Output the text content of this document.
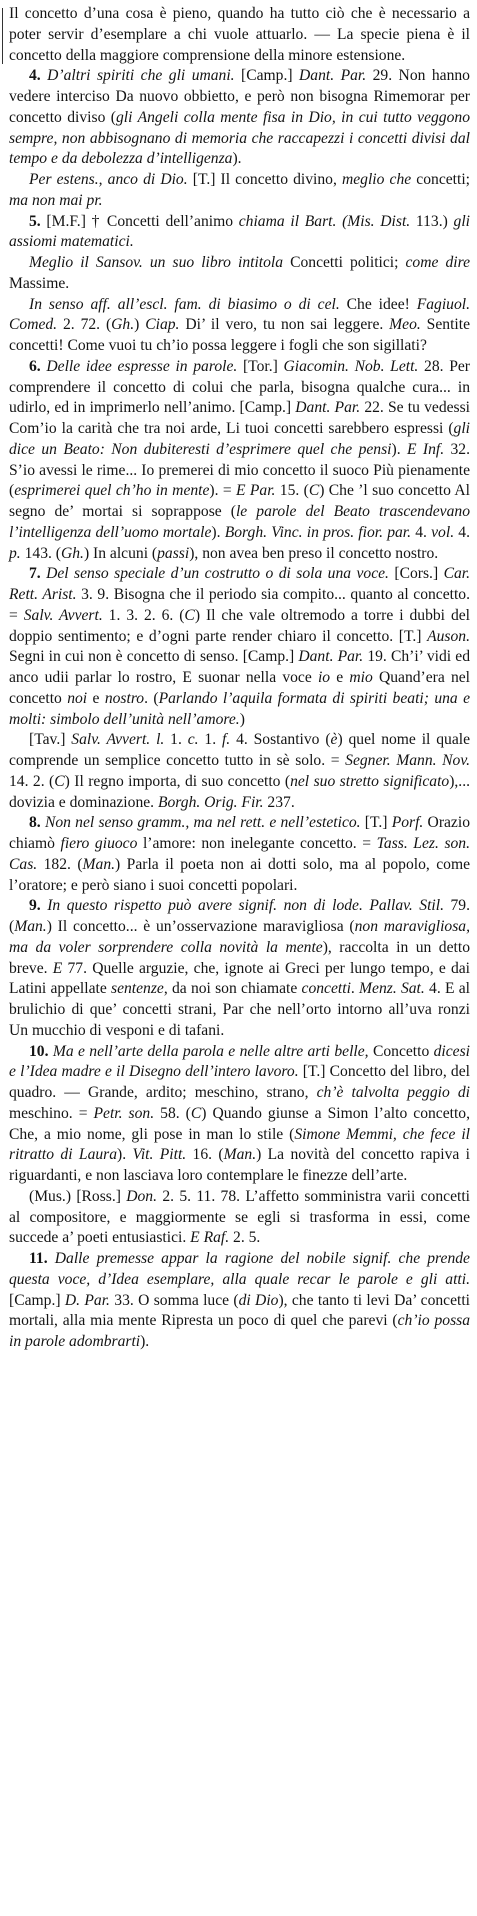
Il concetto d’una cosa è pieno, quando ha tutto ciò che è necessario a poter servir d’esemplare a chi vuole attuarlo. — La specie piena è il concetto della maggiore comprensione della minore estensione.

4. D’altri spiriti che gli umani. [Camp.] Dant. Par. 29. Non hanno vedere interciso Da nuovo obbietto, e però non bisogna Rimemorar per concetto diviso (gli Angeli colla mente fisa in Dio, in cui tutto veggono sempre, non abbisognano di memoria che raccapezzi i concetti divisi dal tempo e da debolezza d’intelligenza).

Per estens., anco di Dio. [T.] Il concetto divino, meglio che concetti; ma non mai pr.

5. [M.F.] † Concetti dell’animo chiama il Bart. (Mis. Dist. 113.) gli assiomi matematici.

Meglio il Sansov. un suo libro intitola Concetti politici; come dire Massime.

In senso aff. all’escl. fam. di biasimo o di cel. Che idee! Fagiuol. Comed. 2. 72. (Gh.) Ciap. Di’ il vero, tu non sai leggere. Meo. Sentite concetti! Come vuoi tu ch’io possa leggere i fogli che son sigillati?

6. Delle idee espresse in parole. [Tor.] Giacomin. Nob. Lett. 28. Per comprendere il concetto di colui che parla, bisogna qualche cura... in udirlo, ed in imprimerlo nell’animo. [Camp.] Dant. Par. 22. Se tu vedessi Com’io la carità che tra noi arde, Li tuoi concetti sarebbero espressi (gli dice un Beato: Non dubiteresti d’esprimere quel che pensi). E Inf. 32. S’io avessi le rime... Io premerei di mio concetto il suoco Più pienamente (esprimerei quel ch’ho in mente). = E Par. 15. (C) Che ’l suo concetto Al segno de’ mortai si soprappose (le parole del Beato trascendevano l’intelligenza dell’uomo mortale). Borgh. Vinc. in pros. fior. par. 4. vol. 4. p. 143. (Gh.) In alcuni (passi), non avea ben preso il concetto nostro.

7. Del senso speciale d’un costrutto o di sola una voce. [Cors.] Car. Rett. Arist. 3. 9. Bisogna che il periodo sia compito... quanto al concetto. = Salv. Avvert. 1. 3. 2. 6. (C) Il che vale oltremodo a torre i dubbi del doppio sentimento; e d’ogni parte render chiaro il concetto. [T.] Auson. Segni in cui non è concetto di senso. [Camp.] Dant. Par. 19. Ch’i’ vidi ed anco udii parlar lo rostro, E suonar nella voce io e mio Quand’era nel concetto noi e nostro. (Parlando l’aquila formata di spiriti beati; una e molti: simbolo dell’unità nell’amore.)

[Tav.] Salv. Avvert. l. 1. c. 1. f. 4. Sostantivo (è) quel nome il quale comprende un semplice concetto tutto in sè solo. = Segner. Mann. Nov. 14. 2. (C) Il regno importa, di suo concetto (nel suo stretto significato),... dovizia e dominazione. Borgh. Orig. Fir. 237.

8. Non nel senso gramm., ma nel rett. e nell’estetico. [T.] Porf. Orazio chiamò fiero giuoco l’amore: non inelegante concetto. = Tass. Lez. son. Cas. 182. (Man.) Parla il poeta non ai dotti solo, ma al popolo, come l’oratore; e però siano i suoi concetti popolari.

9. In questo rispetto può avere signif. non di lode. Pallav. Stil. 79. (Man.) Il concetto... è un’osservazione maravigliosa (non maravigliosa, ma da voler sorprendere colla novità la mente), raccolta in un detto breve. E 77. Quelle arguzie, che, ignote ai Greci per lungo tempo, e dai Latini appellate sentenze, da noi son chiamate concetti. Menz. Sat. 4. E al brulichio di que’ concetti strani, Par che nell’orto intorno all’uva ronzi Un mucchio di vesponi e di tafani.

10. Ma e nell’arte della parola e nelle altre arti belle, Concetto dicesi e l’Idea madre e il Disegno dell’intero lavoro. [T.] Concetto del libro, del quadro. — Grande, ardito; meschino, strano, ch’è talvolta peggio di meschino. = Petr. son. 58. (C) Quando giunse a Simon l’alto concetto, Che, a mio nome, gli pose in man lo stile (Simone Memmi, che fece il ritratto di Laura). Vit. Pitt. 16. (Man.) La novità del concetto rapiva i riguardanti, e non lasciava loro contemplare le finezze dell’arte.

(Mus.) [Ross.] Don. 2. 5. 11. 78. L’affetto somministra varii concetti al compositore, e maggiormente se egli si trasforma in essi, come succede a’ poeti entusiastici. E Raf. 2. 5.

11. Dalle premesse appar la ragione del nobile signif. che prende questa voce, d’Idea esemplare, alla quale recar le parole e gli atti. [Camp.] D. Par. 33. O somma luce (di Dio), che tanto ti levi Da’ concetti mortali, alla mia mente Ripresta un poco di quel che parevi (ch’io possa in parole adombrarti).
